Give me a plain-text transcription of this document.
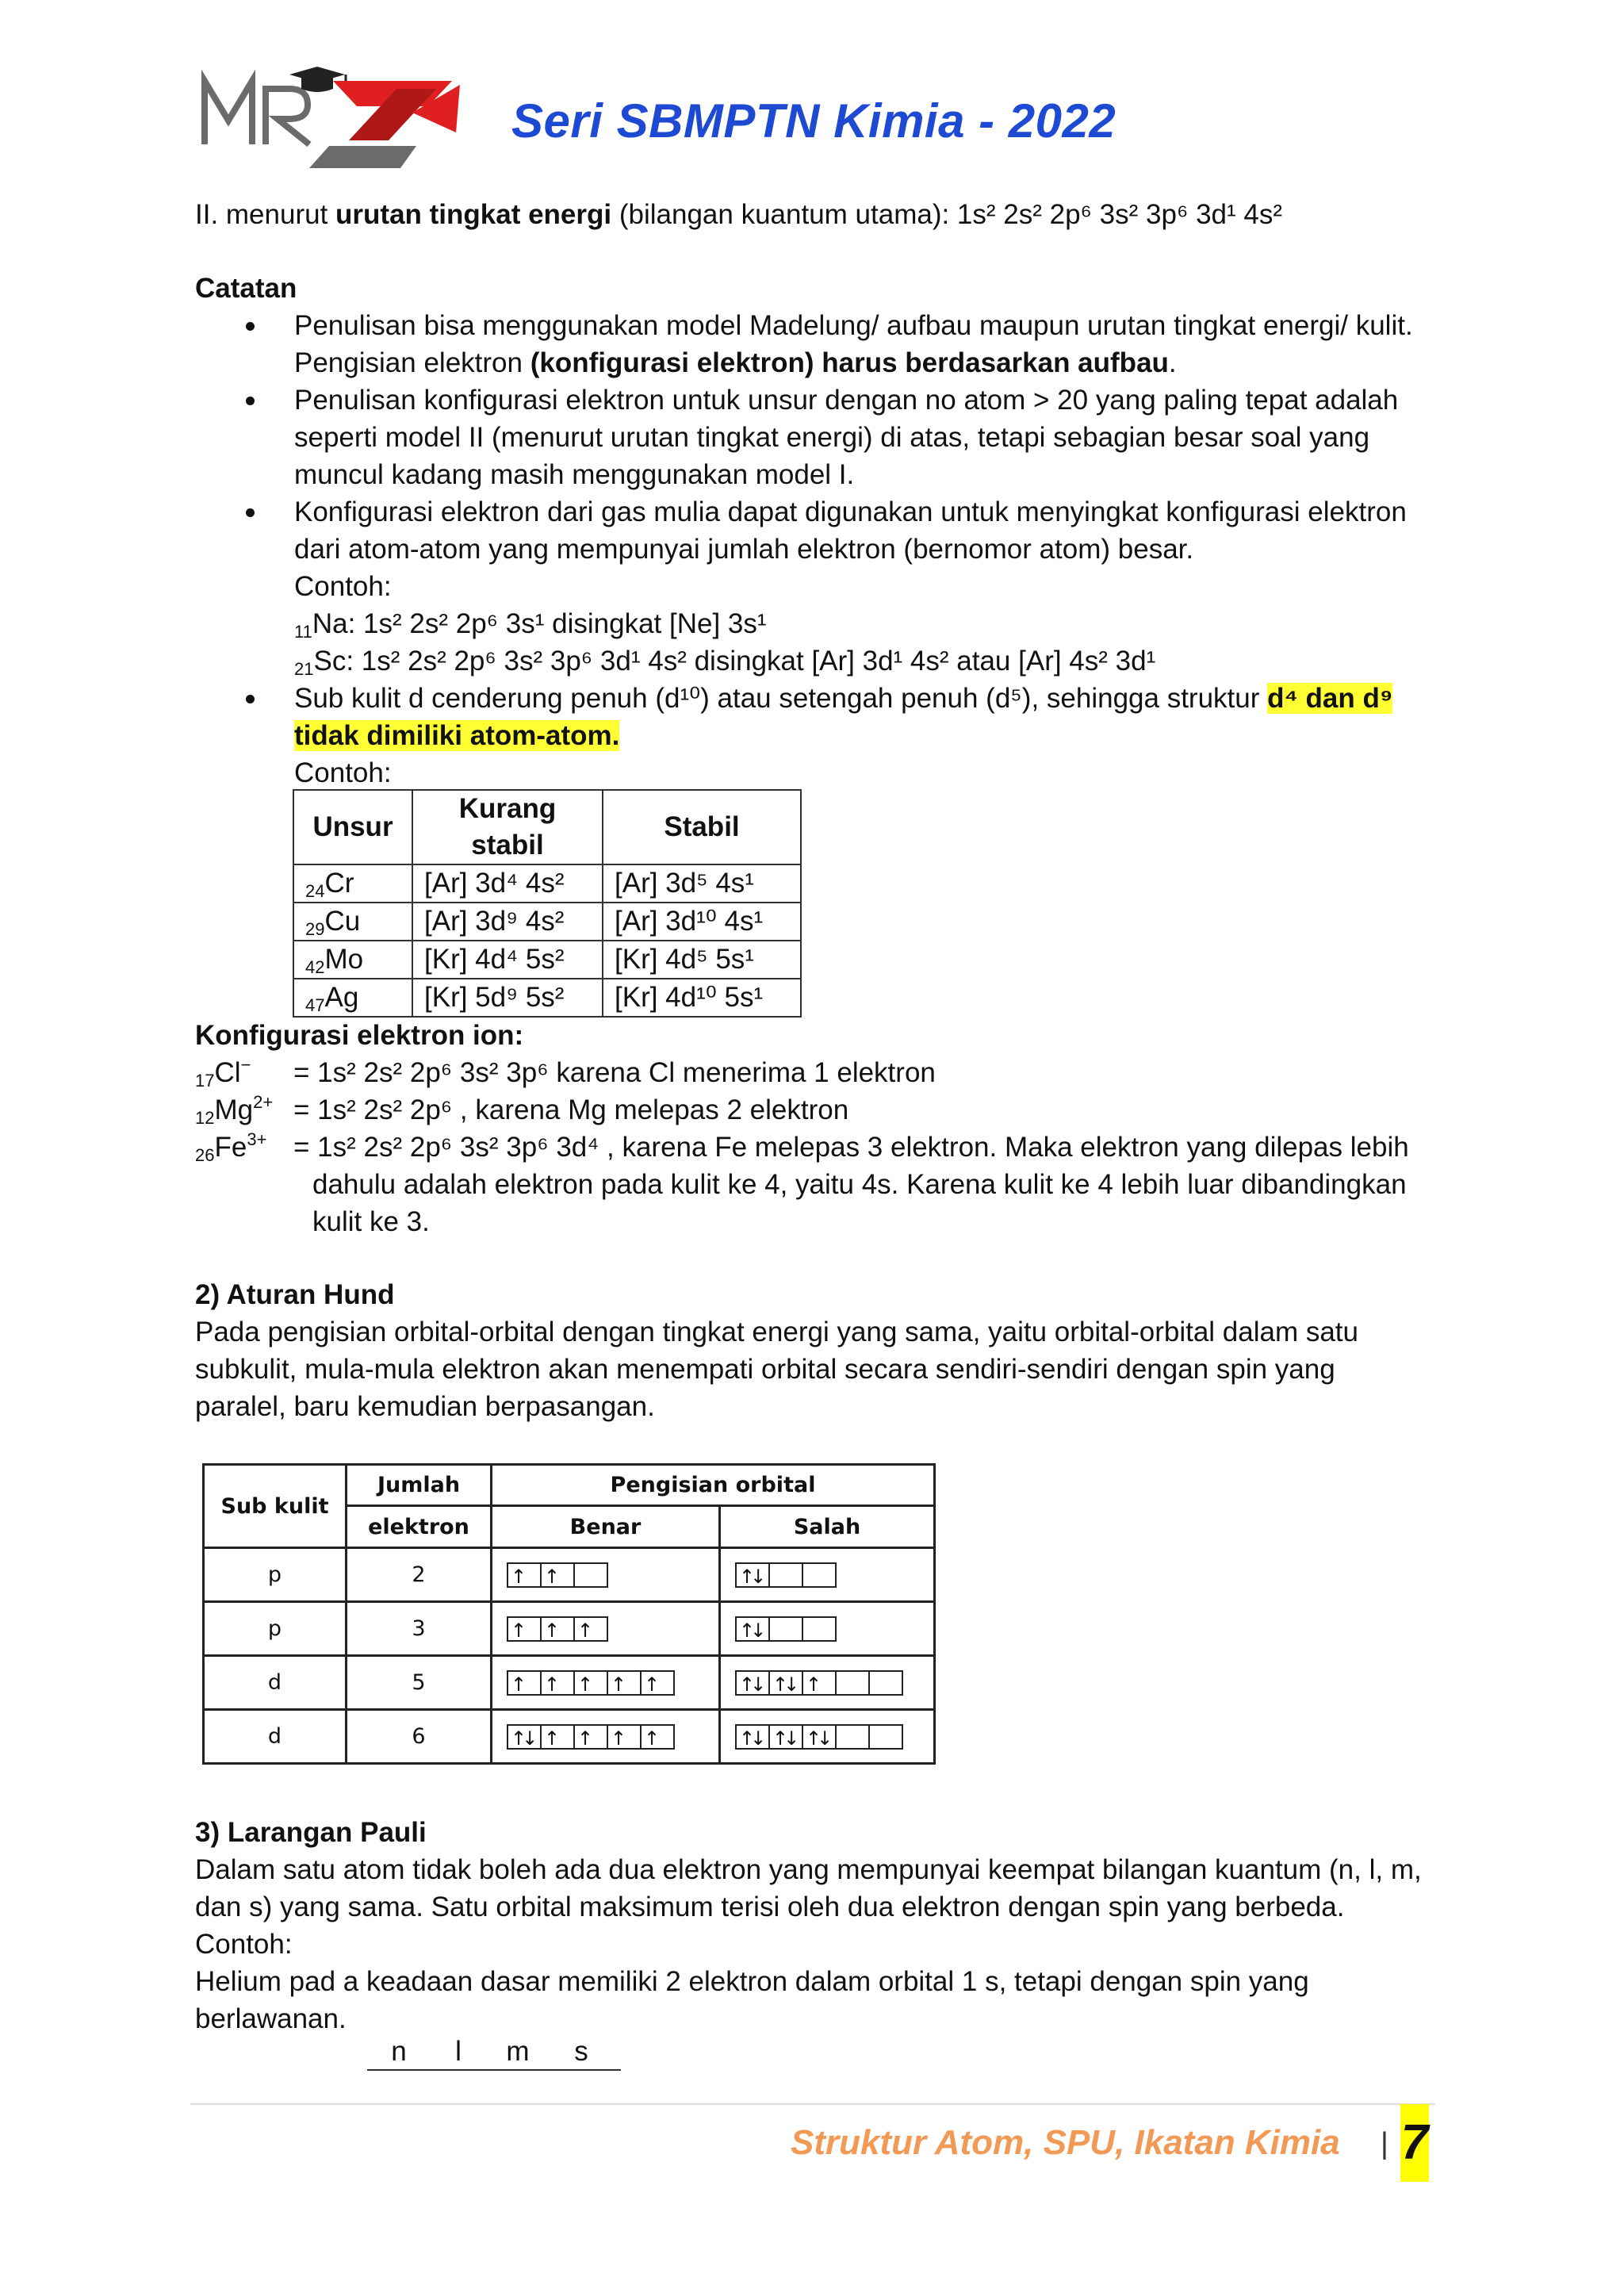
Seri SBMPTN Kimia - 2022
II. menurut urutan tingkat energi (bilangan kuantum utama): 1s² 2s² 2p⁶ 3s² 3p⁶ 3d¹ 4s²
Catatan
Penulisan bisa menggunakan model Madelung/ aufbau maupun urutan tingkat energi/ kulit. Pengisian elektron (konfigurasi elektron) harus berdasarkan aufbau.
Penulisan konfigurasi elektron untuk unsur dengan no atom > 20 yang paling tepat adalah seperti model II (menurut urutan tingkat energi) di atas, tetapi sebagian besar soal yang muncul kadang masih menggunakan model I.
Konfigurasi elektron dari gas mulia dapat digunakan untuk menyingkat konfigurasi elektron dari atom-atom yang mempunyai jumlah elektron (bernomor atom) besar.
Contoh:
$_{11}$Na: 1s² 2s² 2p⁶ 3s¹ disingkat [Ne] 3s¹
$_{21}$Sc: 1s² 2s² 2p⁶ 3s² 3p⁶ 3d¹ 4s² disingkat [Ar] 3d¹ 4s² atau [Ar] 4s² 3d¹
Sub kulit d cenderung penuh (d¹⁰) atau setengah penuh (d⁵), sehingga struktur d⁴ dan d⁹
tidak dimiliki atom-atom.
Contoh:
Unsur	Kurang stabil	Stabil
$_{24}$Cr	[Ar] 3d⁴ 4s²	[Ar] 3d⁵ 4s¹
$_{29}$Cu	[Ar] 3d⁹ 4s²	[Ar] 3d¹⁰ 4s¹
$_{42}$Mo	[Kr] 4d⁴ 5s²	[Kr] 4d⁵ 5s¹
$_{47}$Ag	[Kr] 5d⁹ 5s²	[Kr] 4d¹⁰ 5s¹
Konfigurasi elektron ion:
$_{17}$Cl− = 1s² 2s² 2p⁶ 3s² 3p⁶ karena Cl menerima 1 elektron
$_{12}Mg^{2+} = 1s^2$ 2s² 2p⁶ , karena Mg melepas 2 elektron
$_{26}Fe^{3+} = 1s^2$ 2s² 2p⁶ 3s² 3p⁶ 3d⁴ , karena Fe melepas 3 elektron. Maka elektron yang dilepas lebih
dahulu adalah elektron pada kulit ke 4, yaitu 4s. Karena kulit ke 4 lebih luar dibandingkan
kulit ke 3.
2) Aturan Hund
Pada pengisian orbital-orbital dengan tingkat energi yang sama, yaitu orbital-orbital dalam satu subkulit, mula-mula elektron akan menempati orbital secara sendiri-sendiri dengan spin yang paralel, baru kemudian berpasangan.
Sub kulit	Jumlah	Pengisian orbital	
	elektron	Benar	Salah
p	2	↑ ↑	↑↓
p	3	↑ ↑ ↑	↑↓
d	5	↑ ↑ ↑ ↑ ↑	↑↓ ↑↓ ↑
d	6	↑↓ ↑ ↑ ↑ ↑	↑↓ ↑↓ ↑↓
3) Larangan Pauli
Dalam satu atom tidak boleh ada dua elektron yang mempunyai keempat bilangan kuantum (n, l, m, dan s) yang sama. Satu orbital maksimum terisi oleh dua elektron dengan spin yang berbeda.
Contoh:
Helium pad a keadaan dasar memiliki 2 elektron dalam orbital 1 s, tetapi dengan spin yang berlawanan.
n l m s
Struktur Atom, SPU, Ikatan Kimia | 7
